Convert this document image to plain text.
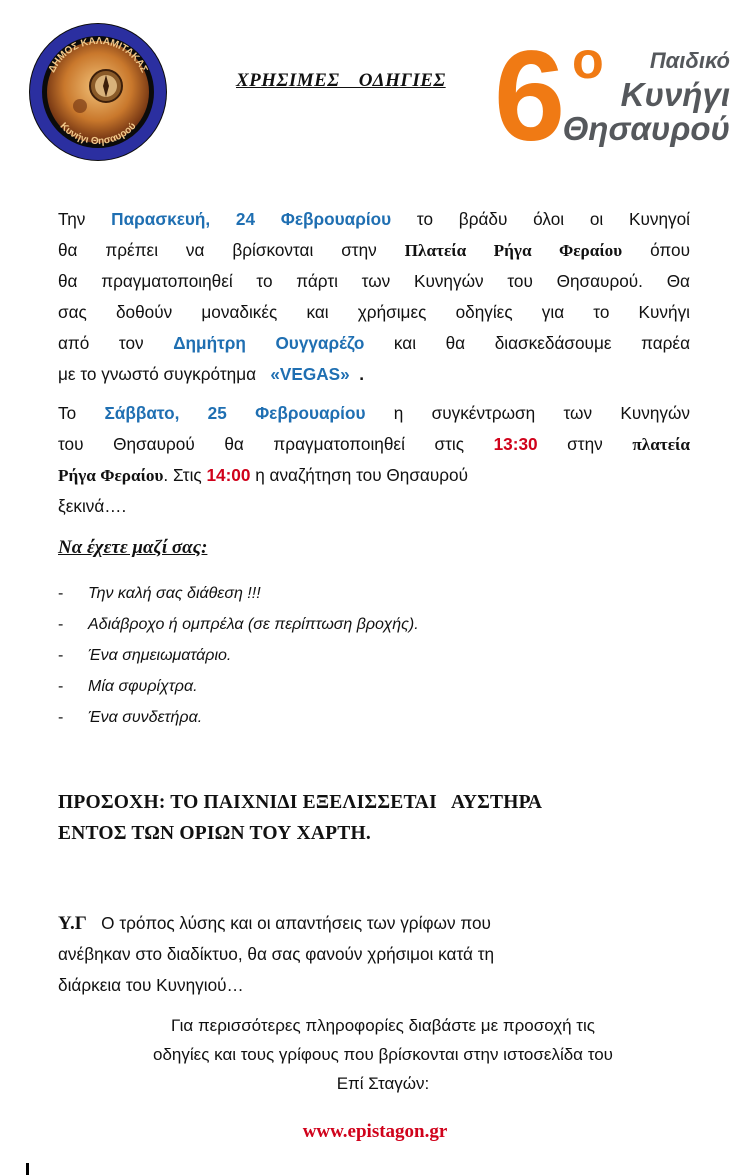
ΔΗΜΟΣ ΚΑΛΑΜΙΤΑΚΑΣ
Κυνήγι Θησαυρού
ΧΡΗΣΙΜΕΣ ΟΔΗΓΙΕΣ 6 ο Παιδικό
Κυνήγι
Θησαυρού
Την Παρασκευή, 24 Φεβρουαρίου το βράδυ όλοι οι Κυνηγοί
θα πρέπει να βρίσκονται στην Πλατεία Ρήγα Φεραίου όπου
θα πραγματοποιηθεί το πάρτι των Κυνηγών του Θησαυρού. Θα
σας δοθούν μοναδικές και χρήσιμες οδηγίες για το Κυνήγι
από τον Δημήτρη Ουγγαρέζο και θα διασκεδάσουμε παρέα
με το γνωστό συγκρότημα   «VEGAS»  .
Το Σάββατο, 25 Φεβρουαρίου η συγκέντρωση των Κυνηγών
του Θησαυρού θα πραγματοποιηθεί στις 13:30 στην πλατεία
Ρήγα Φεραίου. Στις 14:00 η αναζήτηση του Θησαυρού
ξεκινά….
Να έχετε μαζί σας:
- Την καλή σας διάθεση !!!
- Αδιάβροχο ή ομπρέλα (σε περίπτωση βροχής).
- Ένα σημειωματάριο.
- Μία σφυρίχτρα.
- Ένα συνδετήρα.
ΠΡΟΣΟΧΗ: ΤΟ ΠΑΙΧΝΙΔΙ ΕΞΕΛΙΣΣΕΤΑΙ   ΑΥΣΤΗΡΑ
ΕΝΤΟΣ ΤΩΝ ΟΡΙΩΝ ΤΟΥ ΧΑΡΤΗ.
Υ.Γ Ο τρόπος λύσης και οι απαντήσεις των γρίφων που
ανέβηκαν στο διαδίκτυο, θα σας φανούν χρήσιμοι κατά τη
διάρκεια του Κυνηγιού…
Για περισσότερες πληροφορίες διαβάστε με προσοχή τις
οδηγίες και τους γρίφους που βρίσκονται στην ιστοσελίδα του
Επί Σταγών:
www.epistagon.gr
